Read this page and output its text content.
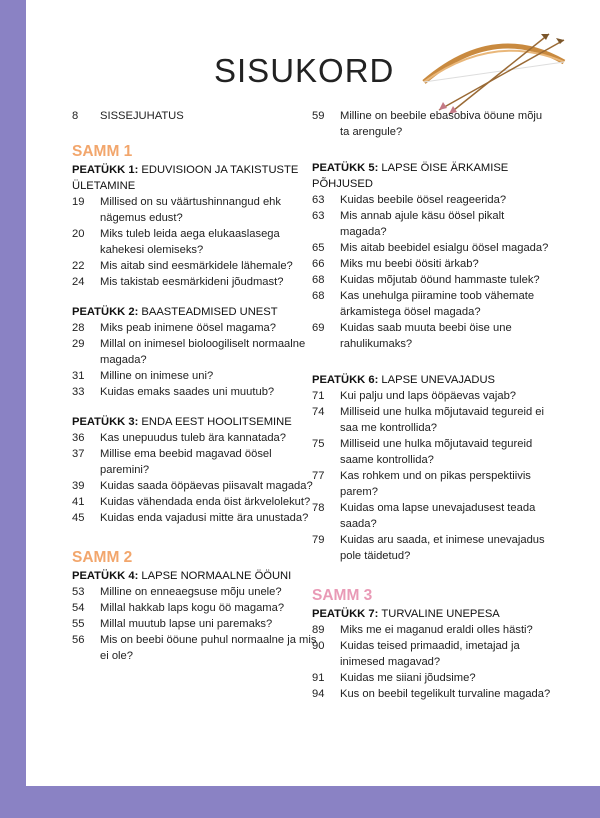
SISUKORD
8	SISSEJUHATUS
SAMM 1
PEATÜKK 1: EDUVISIOON JA TAKISTUSTE ÜLETAMINE
19	Millised on su väärtushinnangud ehk nägemus edust?
20	Miks tuleb leida aega elukaaslasega kahekesi olemiseks?
22	Mis aitab sind eesmärkidele lähemale?
24	Mis takistab eesmärkideni jõudmast?
PEATÜKK 2: BAASTEADMISED UNEST
28	Miks peab inimene öösel magama?
29	Millal on inimesel bioloogiliselt normaalne magada?
31	Milline on inimese uni?
33	Kuidas emaks saades uni muutub?
PEATÜKK 3: ENDA EEST HOOLITSEMINE
36	Kas unepuudus tuleb ära kannatada?
37	Millise ema beebid magavad öösel paremini?
39	Kuidas saada ööpäevas piisavalt magada?
41	Kuidas vähendada enda öist ärkvelolekut?
45	Kuidas enda vajadusi mitte ära unustada?
SAMM 2
PEATÜKK 4: LAPSE NORMAALNE ÖÖUNI
53	Milline on enneaegsuse mõju unele?
54	Millal hakkab laps kogu öö magama?
55	Millal muutub lapse uni paremaks?
56	Mis on beebi ööune puhul normaalne ja mis ei ole?
59	Milline on beebile ebasobiva ööune mõju ta arengule?
PEATÜKK 5: LAPSE ÖISE ÄRKAMISE PÕHJUSED
63	Kuidas beebile öösel reageerida?
63	Mis annab ajule käsu öösel pikalt magada?
65	Mis aitab beebidel esialgu öösel magada?
66	Miks mu beebi öösiti ärkab?
68	Kuidas mõjutab ööund hammaste tulek?
68	Kas unehulga piiramine toob vähemate ärkamistega öösel magada?
69	Kuidas saab muuta beebi öise une rahulikumaks?
PEATÜKK 6: LAPSE UNEVAJADUS
71	Kui palju und laps ööpäevas vajab?
74	Milliseid une hulka mõjutavaid tegureid ei saa me kontrollida?
75	Milliseid une hulka mõjutavaid tegureid saame kontrollida?
77	Kas rohkem und on pikas perspektiivis parem?
78	Kuidas oma lapse unevajadusest teada saada?
79	Kuidas aru saada, et inimese unevajadus pole täidetud?
SAMM 3
PEATÜKK 7: TURVALINE UNEPESA
89	Miks me ei maganud eraldi olles hästi?
90	Kuidas teised primaadid, imetajad ja inimesed magavad?
91	Kuidas me siiani jõudsime?
94	Kus on beebil tegelikult turvaline magada?
